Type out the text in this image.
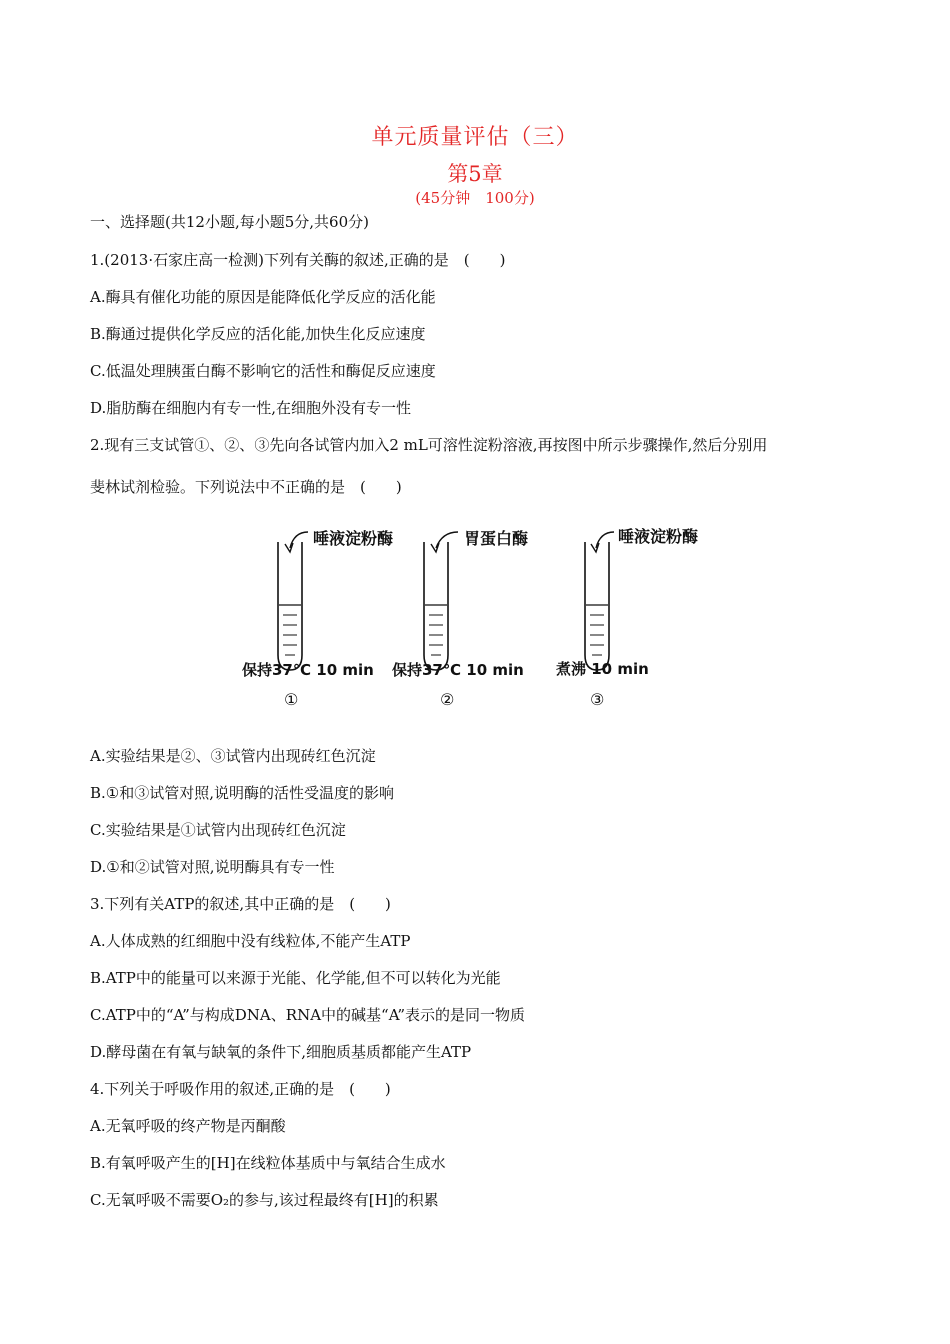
单元质量评估（三）
第5章
(45分钟　100分)
一、选择题(共12小题,每小题5分,共60分)
1.(2013·石家庄高一检测)下列有关酶的叙述,正确的是　(　　)
A.酶具有催化功能的原因是能降低化学反应的活化能
B.酶通过提供化学反应的活化能,加快生化反应速度
C.低温处理胰蛋白酶不影响它的活性和酶促反应速度
D.脂肪酶在细胞内有专一性,在细胞外没有专一性
2.现有三支试管①、②、③先向各试管内加入2 mL可溶性淀粉溶液,再按图中所示步骤操作,然后分别用
斐林试剂检验。下列说法中不正确的是　(　　)
唾液淀粉酶
保持37℃ 10 min
①
胃蛋白酶
保持37℃ 10 min
②
唾液淀粉酶
煮沸 10 min
③
A.实验结果是②、③试管内出现砖红色沉淀
B.①和③试管对照,说明酶的活性受温度的影响
C.实验结果是①试管内出现砖红色沉淀
D.①和②试管对照,说明酶具有专一性
3.下列有关ATP的叙述,其中正确的是　(　　)
A.人体成熟的红细胞中没有线粒体,不能产生ATP
B.ATP中的能量可以来源于光能、化学能,但不可以转化为光能
C.ATP中的“A”与构成DNA、RNA中的碱基“A”表示的是同一物质
D.酵母菌在有氧与缺氧的条件下,细胞质基质都能产生ATP
4.下列关于呼吸作用的叙述,正确的是　(　　)
A.无氧呼吸的终产物是丙酮酸
B.有氧呼吸产生的[H]在线粒体基质中与氧结合生成水
C.无氧呼吸不需要O₂的参与,该过程最终有[H]的积累
